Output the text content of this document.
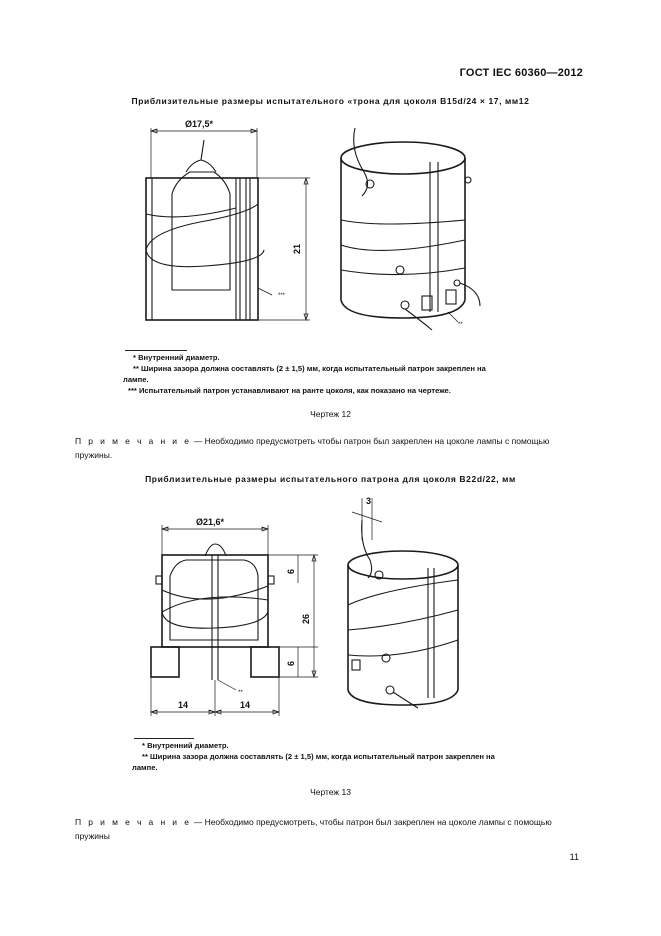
ГОСТ IEC 60360—2012
Приблизительные размеры испытательного «трона для цоколя B15d/24 × 17, мм12
Ø17,5*
21
***
**
* Внутренний диаметр.
** Ширина зазора должна составлять (2 ± 1,5) мм, когда испытательный патрон закреплен на лампе.
*** Испытательный патрон устанавливают на ранте цоколя, как показано на чертеже.
Чертеж 12
П р и м е ч а н и е — Необходимо предусмотреть чтобы патрон был закреплен на цоколе лампы с помощью пружины.
Приблизительные размеры испытательного патрона для цоколя B22d/22, мм
Ø21,6*
6
26
6
14	14
**
3
* Внутренний диаметр.
** Ширина зазора должна составлять (2 ± 1,5) мм, когда испытательный патрон закреплен на лампе.
Чертеж 13
П р и м е ч а н и е — Необходимо предусмотреть, чтобы патрон был закреплен на цоколе лампы с помощью пружины
11
